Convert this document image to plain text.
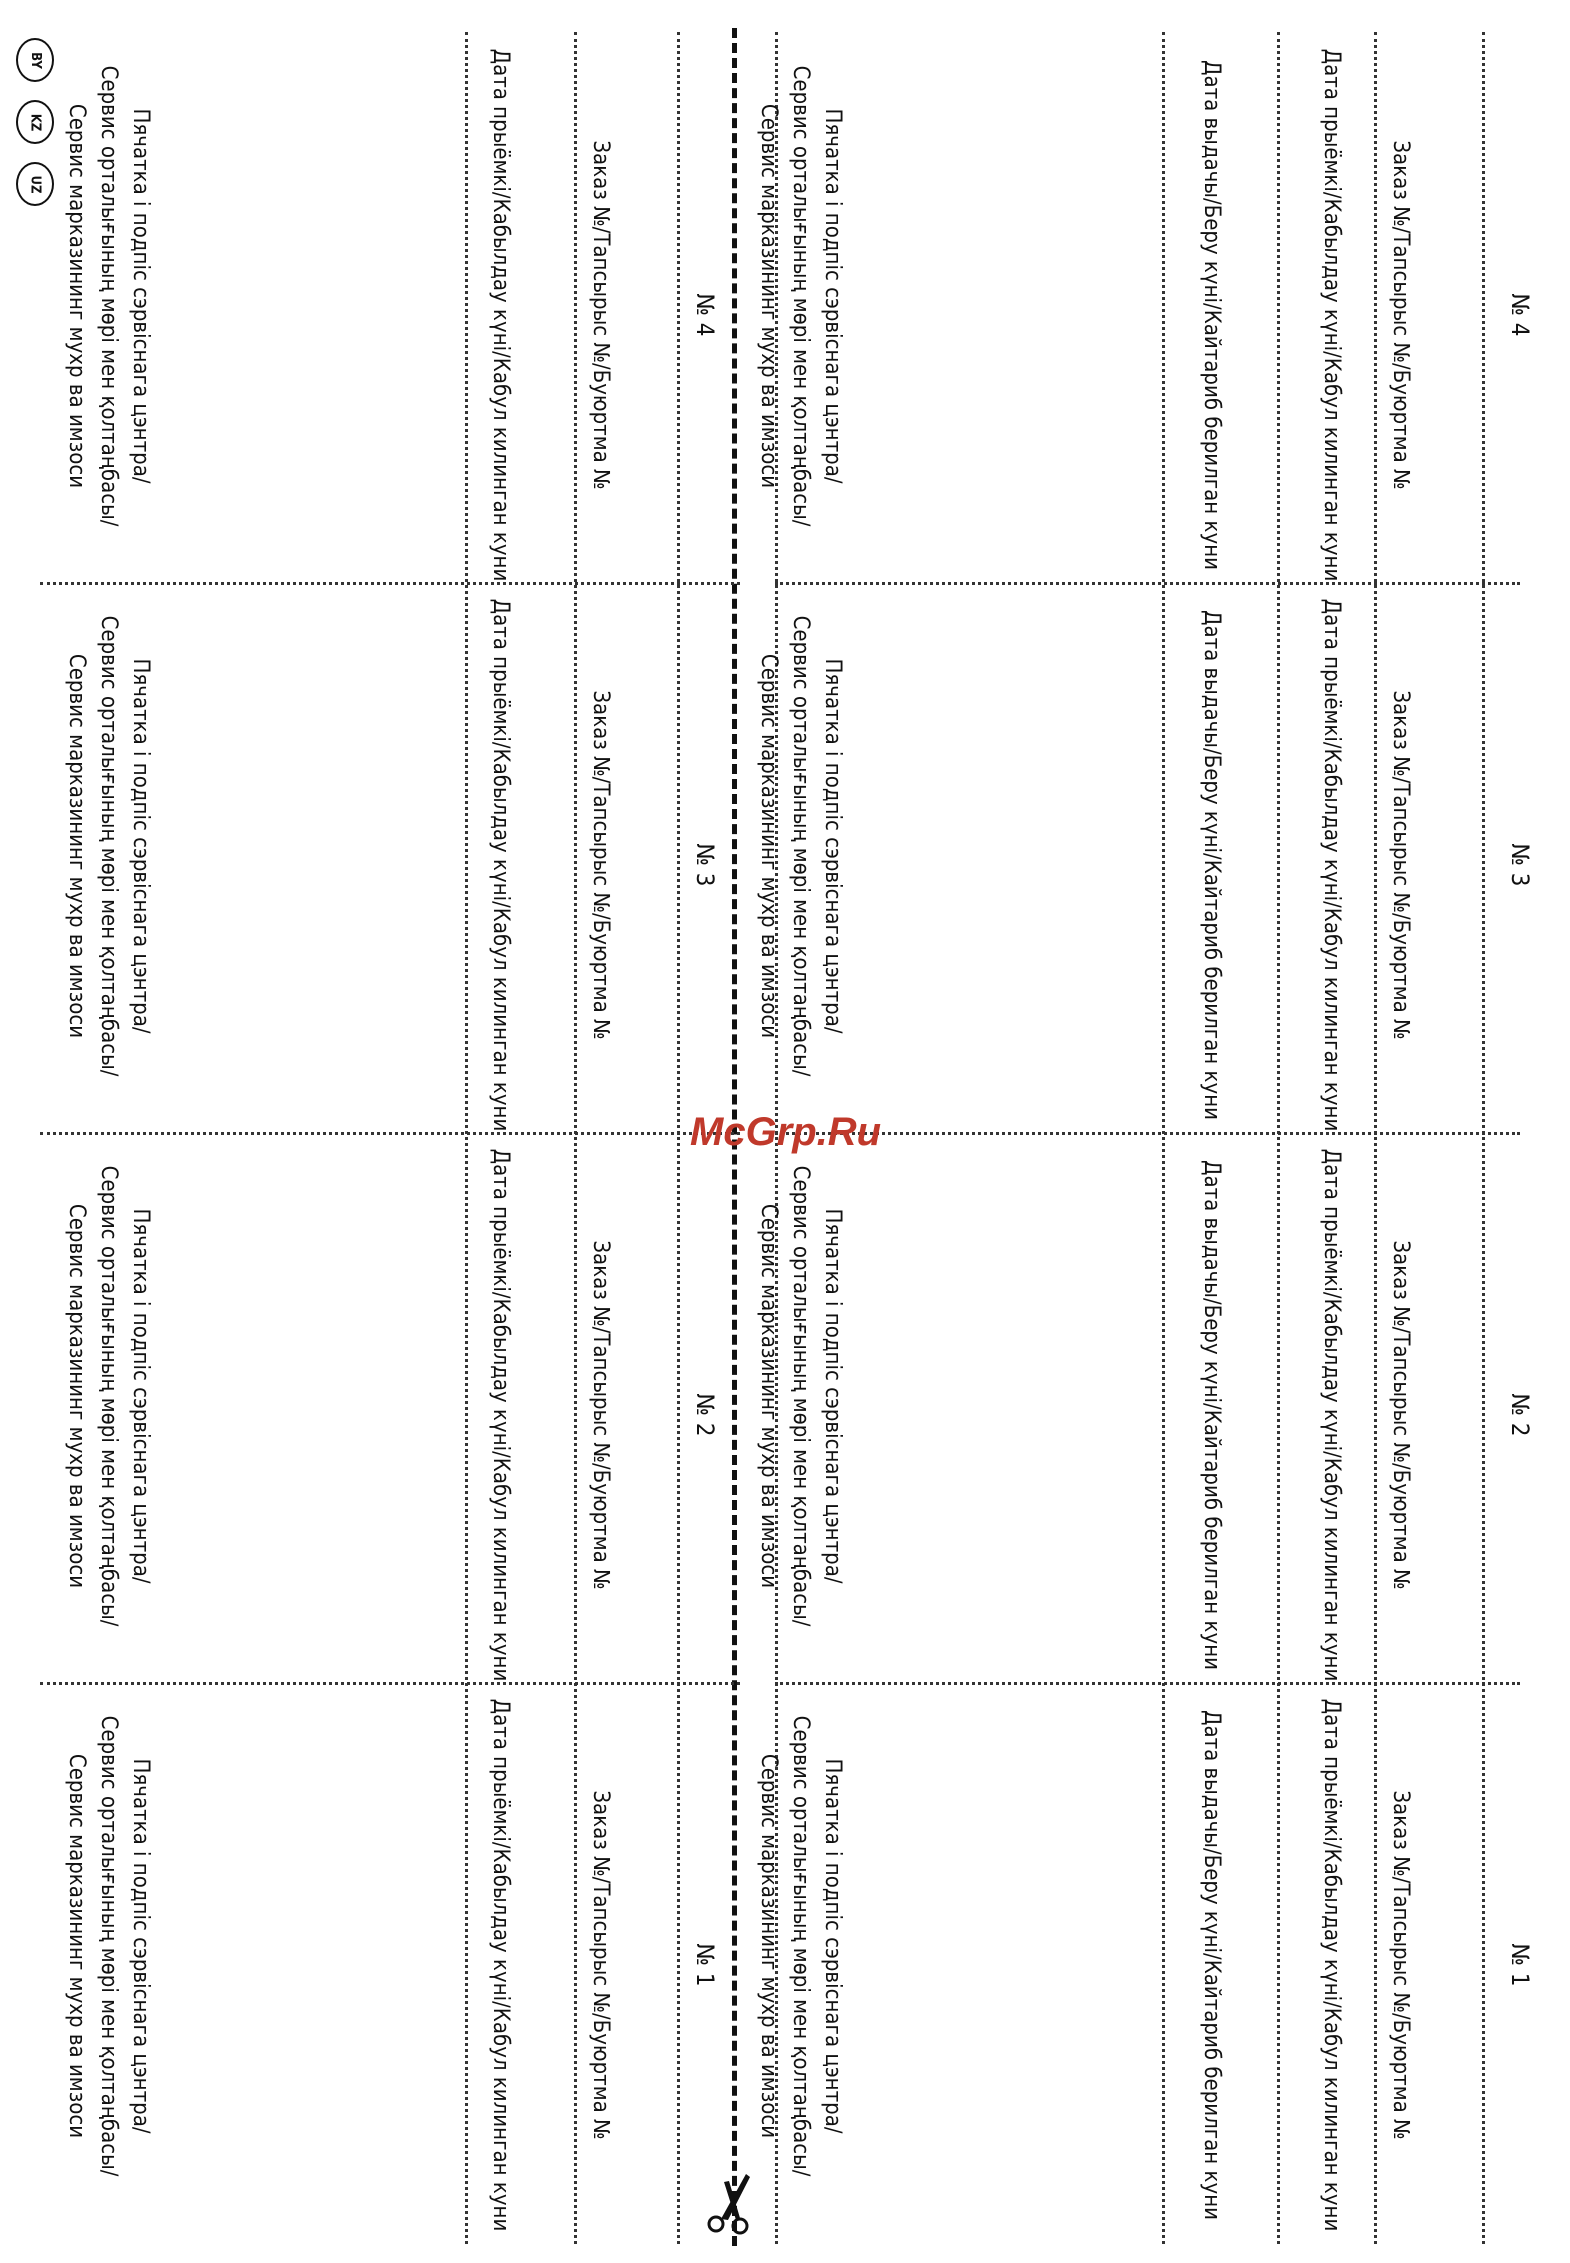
№ 4
Заказ №/Тапсырыс №/Буюртма №
Дата прыёмкі/Кабылдау күні/Кабул килинган куни
Дата выдачы/Беру күні/Кайтариб берилган куни
Пячатка і подпіс сэрвіснага цэнтра/
Сервис орталығының мөрі мен қолтаңбасы/
Сервис марказининг мухр ва имзоси
№ 4
Заказ №/Тапсырыс №/Буюртма №
Дата прыёмкі/Кабылдау күні/Кабул килинган куни
Пячатка і подпіс сэрвіснага цэнтра/
Сервис орталығының мөрі мен қолтаңбасы/
Сервис марказининг мухр ва имзоси
№ 3
Заказ №/Тапсырыс №/Буюртма №
Дата прыёмкі/Кабылдау күні/Кабул килинган куни
Дата выдачы/Беру күні/Кайтариб берилган куни
Пячатка і подпіс сэрвіснага цэнтра/
Сервис орталығының мөрі мен қолтаңбасы/
Сервис марказининг мухр ва имзоси
№ 3
Заказ №/Тапсырыс №/Буюртма №
Дата прыёмкі/Кабылдау күні/Кабул килинган куни
Пячатка і подпіс сэрвіснага цэнтра/
Сервис орталығының мөрі мен қолтаңбасы/
Сервис марказининг мухр ва имзоси
№ 2
Заказ №/Тапсырыс №/Буюртма №
Дата прыёмкі/Кабылдау күні/Кабул килинган куни
Дата выдачы/Беру күні/Кайтариб берилган куни
Пячатка і подпіс сэрвіснага цэнтра/
Сервис орталығының мөрі мен қолтаңбасы/
Сервис марказининг мухр ва имзоси
№ 2
Заказ №/Тапсырыс №/Буюртма №
Дата прыёмкі/Кабылдау күні/Кабул килинган куни
Пячатка і подпіс сэрвіснага цэнтра/
Сервис орталығының мөрі мен қолтаңбасы/
Сервис марказининг мухр ва имзоси
№ 1
Заказ №/Тапсырыс №/Буюртма №
Дата прыёмкі/Кабылдау күні/Кабул килинган куни
Дата выдачы/Беру күні/Кайтариб берилган куни
Пячатка і подпіс сэрвіснага цэнтра/
Сервис орталығының мөрі мен қолтаңбасы/
Сервис марказининг мухр ва имзоси
№ 1
Заказ №/Тапсырыс №/Буюртма №
Дата прыёмкі/Кабылдау күні/Кабул килинган куни
Пячатка і подпіс сэрвіснага цэнтра/
Сервис орталығының мөрі мен қолтаңбасы/
Сервис марказининг мухр ва имзоси
BY
KZ
UZ
McGrp.Ru
